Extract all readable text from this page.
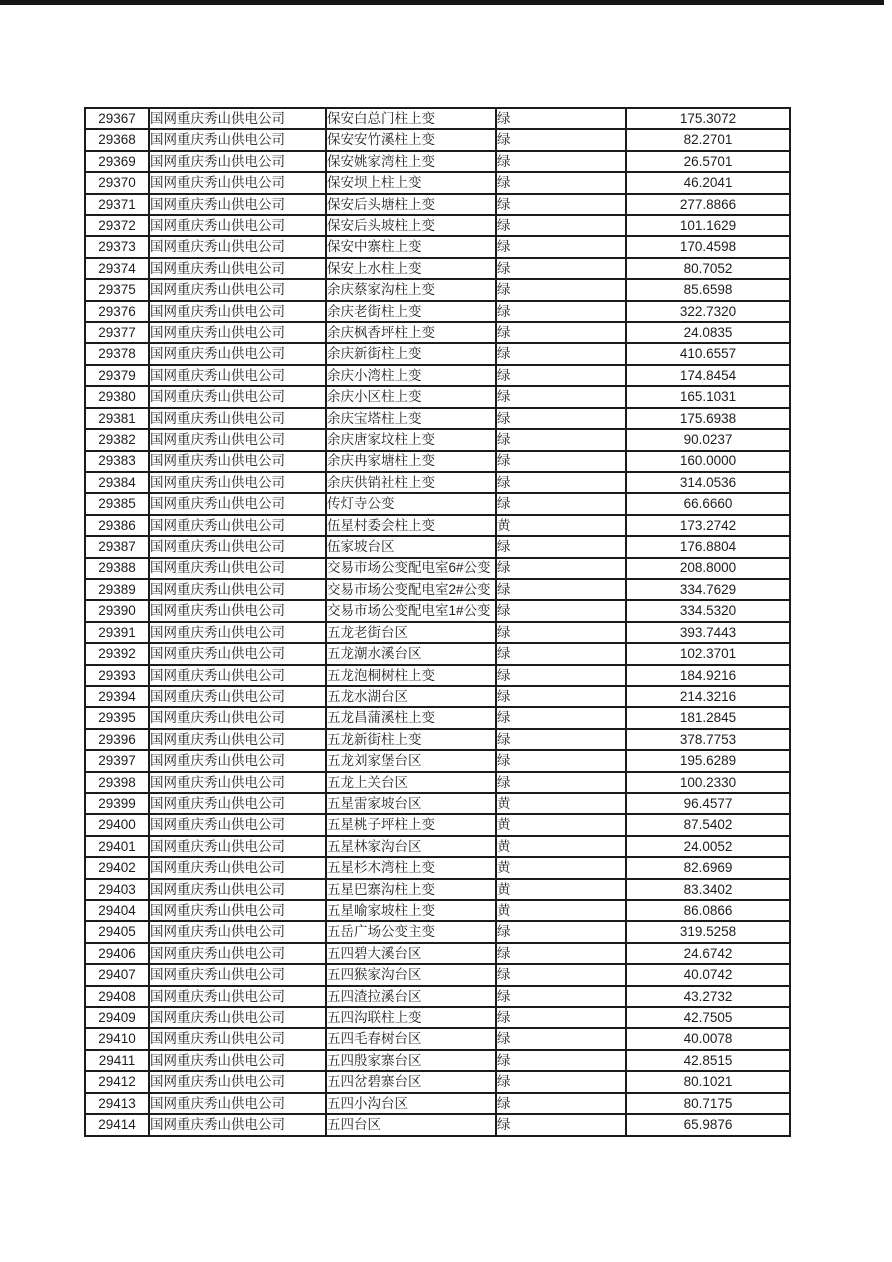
29367	国网重庆秀山供电公司	保安白总门柱上变	绿	175.3072
29368	国网重庆秀山供电公司	保安安竹溪柱上变	绿	82.2701
29369	国网重庆秀山供电公司	保安姚家湾柱上变	绿	26.5701
29370	国网重庆秀山供电公司	保安坝上柱上变	绿	46.2041
29371	国网重庆秀山供电公司	保安后头塘柱上变	绿	277.8866
29372	国网重庆秀山供电公司	保安后头坡柱上变	绿	101.1629
29373	国网重庆秀山供电公司	保安中寨柱上变	绿	170.4598
29374	国网重庆秀山供电公司	保安上水柱上变	绿	80.7052
29375	国网重庆秀山供电公司	余庆蔡家沟柱上变	绿	85.6598
29376	国网重庆秀山供电公司	余庆老街柱上变	绿	322.7320
29377	国网重庆秀山供电公司	余庆枫香坪柱上变	绿	24.0835
29378	国网重庆秀山供电公司	余庆新街柱上变	绿	410.6557
29379	国网重庆秀山供电公司	余庆小湾柱上变	绿	174.8454
29380	国网重庆秀山供电公司	余庆小区柱上变	绿	165.1031
29381	国网重庆秀山供电公司	余庆宝塔柱上变	绿	175.6938
29382	国网重庆秀山供电公司	余庆唐家坟柱上变	绿	90.0237
29383	国网重庆秀山供电公司	余庆冉家塘柱上变	绿	160.0000
29384	国网重庆秀山供电公司	余庆供销社柱上变	绿	314.0536
29385	国网重庆秀山供电公司	传灯寺公变	绿	66.6660
29386	国网重庆秀山供电公司	伍星村委会柱上变	黄	173.2742
29387	国网重庆秀山供电公司	伍家坡台区	绿	176.8804
29388	国网重庆秀山供电公司	交易市场公变配电室6#公变	绿	208.8000
29389	国网重庆秀山供电公司	交易市场公变配电室2#公变	绿	334.7629
29390	国网重庆秀山供电公司	交易市场公变配电室1#公变	绿	334.5320
29391	国网重庆秀山供电公司	五龙老街台区	绿	393.7443
29392	国网重庆秀山供电公司	五龙潮水溪台区	绿	102.3701
29393	国网重庆秀山供电公司	五龙泡桐树柱上变	绿	184.9216
29394	国网重庆秀山供电公司	五龙水湖台区	绿	214.3216
29395	国网重庆秀山供电公司	五龙昌蒲溪柱上变	绿	181.2845
29396	国网重庆秀山供电公司	五龙新街柱上变	绿	378.7753
29397	国网重庆秀山供电公司	五龙刘家堡台区	绿	195.6289
29398	国网重庆秀山供电公司	五龙上关台区	绿	100.2330
29399	国网重庆秀山供电公司	五星雷家坡台区	黄	96.4577
29400	国网重庆秀山供电公司	五星桃子坪柱上变	黄	87.5402
29401	国网重庆秀山供电公司	五星林家沟台区	黄	24.0052
29402	国网重庆秀山供电公司	五星杉木湾柱上变	黄	82.6969
29403	国网重庆秀山供电公司	五星巴寨沟柱上变	黄	83.3402
29404	国网重庆秀山供电公司	五星喻家坡柱上变	黄	86.0866
29405	国网重庆秀山供电公司	五岳广场公变主变	绿	319.5258
29406	国网重庆秀山供电公司	五四碧大溪台区	绿	24.6742
29407	国网重庆秀山供电公司	五四猴家沟台区	绿	40.0742
29408	国网重庆秀山供电公司	五四渣拉溪台区	绿	43.2732
29409	国网重庆秀山供电公司	五四沟联柱上变	绿	42.7505
29410	国网重庆秀山供电公司	五四毛春树台区	绿	40.0078
29411	国网重庆秀山供电公司	五四殷家寨台区	绿	42.8515
29412	国网重庆秀山供电公司	五四岔碧寨台区	绿	80.1021
29413	国网重庆秀山供电公司	五四小沟台区	绿	80.7175
29414	国网重庆秀山供电公司	五四台区	绿	65.9876
